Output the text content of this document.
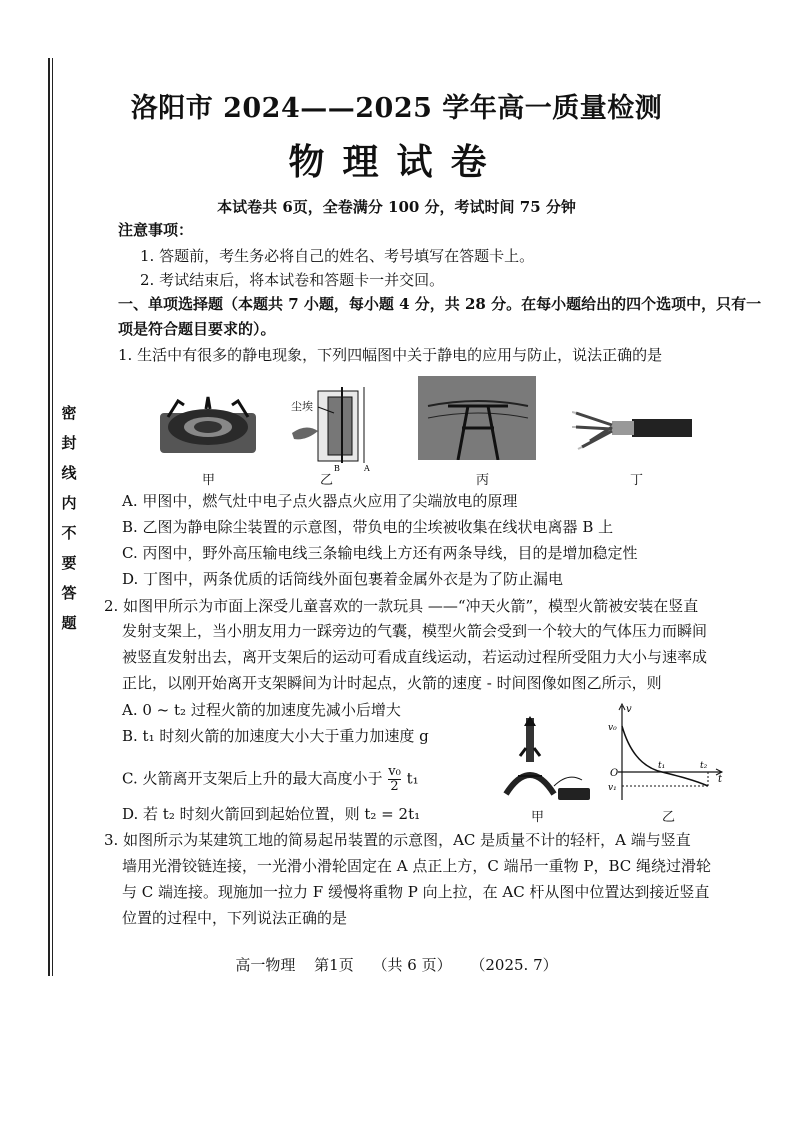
密
封
线
内
不
要
答
题
洛阳市 2024——2025 学年高一质量检测
物理试卷
本试卷共 6页，全卷满分 100 分，考试时间 75 分钟
注意事项：
1. 答题前，考生务必将自己的姓名、考号填写在答题卡上。
2. 考试结束后，将本试卷和答题卡一并交回。
一、单项选择题（本题共 7 小题，每小题 4 分，共 28 分。在每小题给出的四个选项中，只有一
项是符合题目要求的）。
1. 生活中有很多的静电现象，下列四幅图中关于静电的应用与防止，说法正确的是
甲
B	A
尘埃
乙	丙	丁
A. 甲图中，燃气灶中电子点火器点火应用了尖端放电的原理
B. 乙图为静电除尘装置的示意图，带负电的尘埃被收集在线状电离器 B 上
C. 丙图中，野外高压输电线三条输电线上方还有两条导线，目的是增加稳定性
D. 丁图中，两条优质的话筒线外面包裹着金属外衣是为了防止漏电
2. 如图甲所示为市面上深受儿童喜欢的一款玩具 ——“冲天火箭”，模型火箭被安装在竖直
发射支架上，当小朋友用力一踩旁边的气囊，模型火箭会受到一个较大的气体压力而瞬间
被竖直发射出去，离开支架后的运动可看成直线运动，若运动过程所受阻力大小与速率成
正比，以刚开始离开支架瞬间为计时起点，火箭的速度 - 时间图像如图乙所示，则
A. 0 ~ t₂ 过程火箭的加速度先减小后增大
B. t₁ 时刻火箭的加速度大小大于重力加速度 g
C. 火箭离开支架后上升的最大高度小于 $\frac{\text{v₀}}{2} t_1$
D. 若 t₂ 时刻火箭回到起始位置，则 t₂ = 2t₁	甲
v
v₀
O
t₁	t₂
t
v₁
乙
3. 如图所示为某建筑工地的简易起吊装置的示意图，AC 是质量不计的轻杆，A 端与竖直
墙用光滑铰链连接，一光滑小滑轮固定在 A 点正上方，C 端吊一重物 P，BC 绳绕过滑轮
与 C 端连接。现施加一拉力 F 缓慢将重物 P 向上拉，在 AC 杆从图中位置达到接近竖直
位置的过程中，下列说法正确的是
高一物理 第1页 （共 6 页） （2025. 7）
